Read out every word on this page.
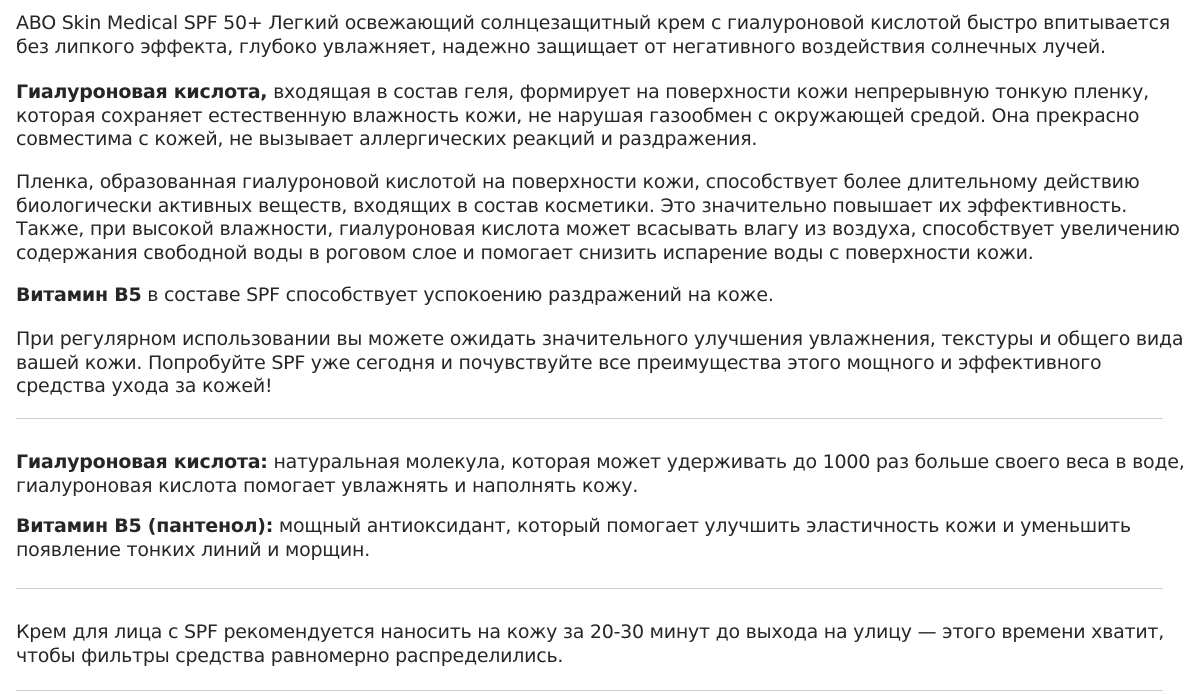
ABO Skin Medical SPF 50+ Легкий освежающий солнцезащитный крем с гиалуроновой кислотой быстро впитывается без липкого эффекта, глубоко увлажняет, надежно защищает от негативного воздействия солнечных лучей.

Гиалуроновая кислота, входящая в состав геля, формирует на поверхности кожи непрерывную тонкую пленку, которая сохраняет естественную влажность кожи, не нарушая газообмен с окружающей средой. Она прекрасно совместима с кожей, не вызывает аллергических реакций и раздражения.

Пленка, образованная гиалуроновой кислотой на поверхности кожи, способствует более длительному действию биологически активных веществ, входящих в состав косметики. Это значительно повышает их эффективность. Также, при высокой влажности, гиалуроновая кислота может всасывать влагу из воздуха, способствует увеличению содержания свободной воды в роговом слое и помогает снизить испарение воды с поверхности кожи.

Витамин B5 в составе SPF способствует успокоению раздражений на коже.

При регулярном использовании вы можете ожидать значительного улучшения увлажнения, текстуры и общего вида вашей кожи. Попробуйте SPF уже сегодня и почувствуйте все преимущества этого мощного и эффективного средства ухода за кожей!

Гиалуроновая кислота: натуральная молекула, которая может удерживать до 1000 раз больше своего веса в воде, гиалуроновая кислота помогает увлажнять и наполнять кожу.

Витамин B5 (пантенол): мощный антиоксидант, который помогает улучшить эластичность кожи и уменьшить появление тонких линий и морщин.

Крем для лица с SPF рекомендуется наносить на кожу за 20-30 минут до выхода на улицу — этого времени хватит, чтобы фильтры средства равномерно распределились.
